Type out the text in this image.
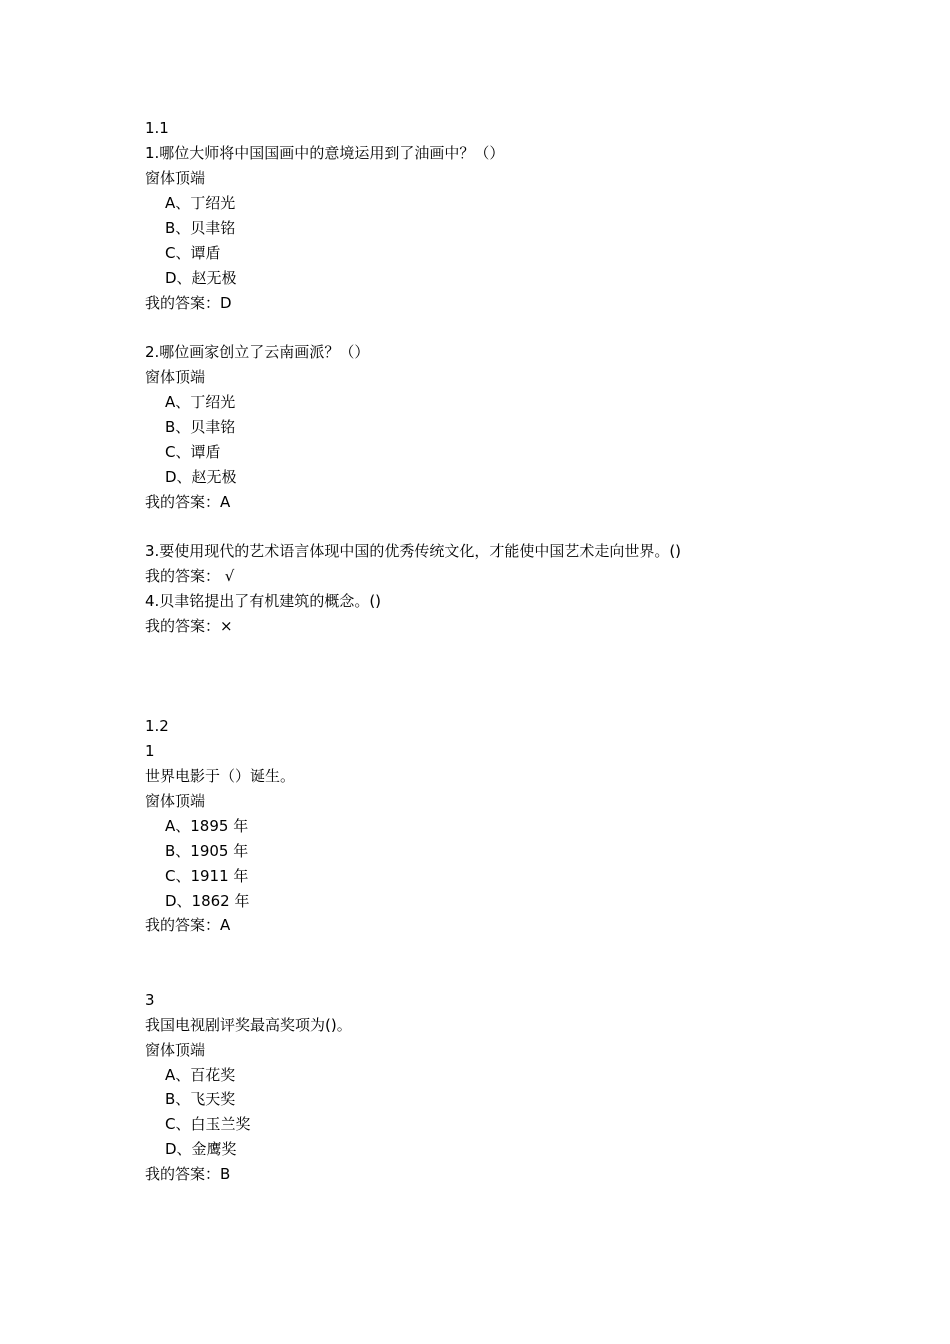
1.1
1.哪位大师将中国国画中的意境运用到了油画中？（）
窗体顶端
A、丁绍光
B、贝聿铭
C、谭盾
D、赵无极
我的答案：D
2.哪位画家创立了云南画派？（）
窗体顶端
A、丁绍光
B、贝聿铭
C、谭盾
D、赵无极
我的答案：A
3.要使用现代的艺术语言体现中国的优秀传统文化，才能使中国艺术走向世界。()
我的答案： √
4.贝聿铭提出了有机建筑的概念。()
我的答案：×
1.2
1
世界电影于（）诞生。
窗体顶端
A、1895 年
B、1905 年
C、1911 年
D、1862 年
我的答案：A
3
我国电视剧评奖最高奖项为()。
窗体顶端
A、百花奖
B、飞天奖
C、白玉兰奖
D、金鹰奖
我的答案：B
